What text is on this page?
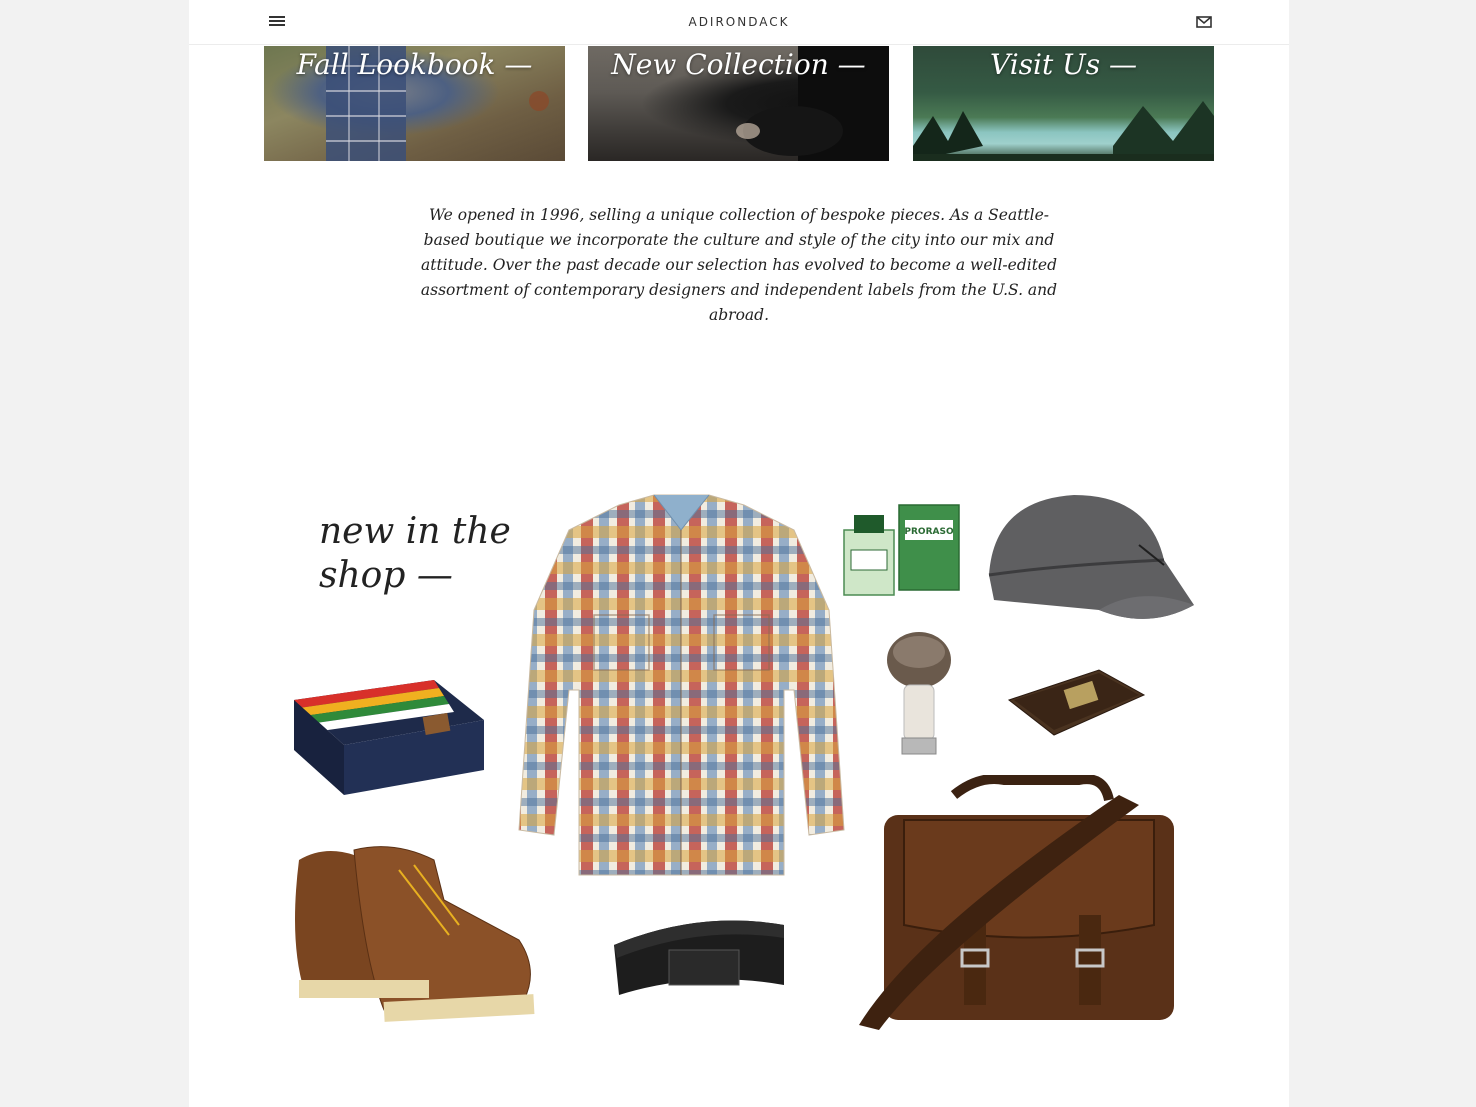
ADIRONDACK
Fall Lookbook —	New Collection —	Visit Us —

We opened in 1996, selling a unique collection of bespoke pieces. As a Seattle-based boutique we incorporate the culture and style of the city into our mix and attitude. Over the past decade our selection has evolved to become a well-edited assortment of contemporary designers and independent labels from the U.S. and abroad.

new in the
shop —
PRORASO
